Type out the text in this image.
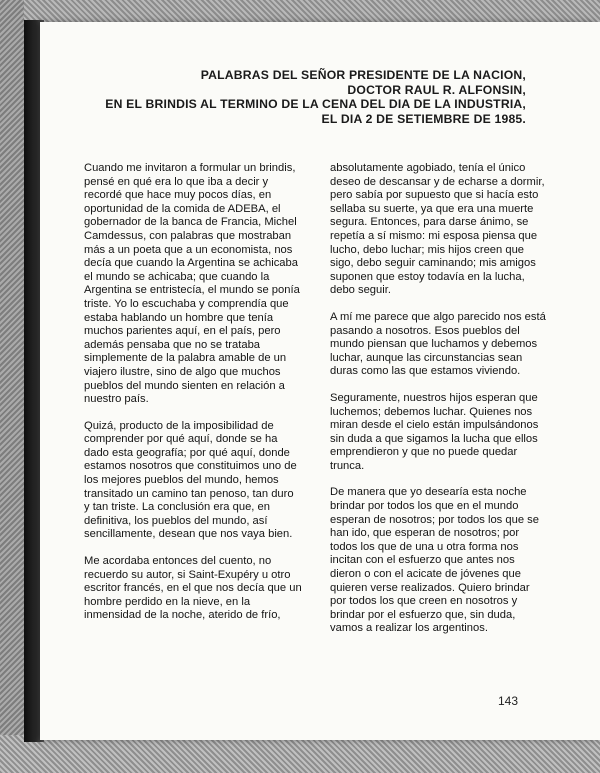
PALABRAS DEL SEÑOR PRESIDENTE DE LA NACION,
DOCTOR RAUL R. ALFONSIN,
EN EL BRINDIS AL TERMINO DE LA CENA DEL DIA DE LA INDUSTRIA,
EL DIA 2 DE SETIEMBRE DE 1985.

Cuando me invitaron a formular un brindis, pensé en qué era lo que iba a decir y recordé que hace muy pocos días, en oportunidad de la comida de ADEBA, el gobernador de la banca de Francia, Michel Camdessus, con palabras que mostraban más a un poeta que a un economista, nos decía que cuando la Argentina se achicaba el mundo se achicaba; que cuando la Argentina se entristecía, el mundo se ponía triste. Yo lo escuchaba y comprendía que estaba hablando un hombre que tenía muchos parientes aquí, en el país, pero además pensaba que no se trataba simplemente de la palabra amable de un viajero ilustre, sino de algo que muchos pueblos del mundo sienten en relación a nuestro país.

Quizá, producto de la imposibilidad de comprender por qué aquí, donde se ha dado esta geografía; por qué aquí, donde estamos nosotros que constituimos uno de los mejores pueblos del mundo, hemos transitado un camino tan penoso, tan duro y tan triste. La conclusión era que, en definitiva, los pueblos del mundo, así sencillamente, desean que nos vaya bien.

Me acordaba entonces del cuento, no recuerdo su autor, si Saint-Exupéry u otro escritor francés, en el que nos decía que un hombre perdido en la nieve, en la inmensidad de la noche, aterido de frío,

absolutamente agobiado, tenía el único deseo de descansar y de echarse a dormir, pero sabía por supuesto que si hacía esto sellaba su suerte, ya que era una muerte segura. Entonces, para darse ánimo, se repetía a sí mismo: mi esposa piensa que lucho, debo luchar; mis hijos creen que sigo, debo seguir caminando; mis amigos suponen que estoy todavía en la lucha, debo seguir.

A mí me parece que algo parecido nos está pasando a nosotros. Esos pueblos del mundo piensan que luchamos y debemos luchar, aunque las circunstancias sean duras como las que estamos viviendo.

Seguramente, nuestros hijos esperan que luchemos; debemos luchar. Quienes nos miran desde el cielo están impulsándonos sin duda a que sigamos la lucha que ellos emprendieron y que no puede quedar trunca.

De manera que yo desearía esta noche brindar por todos los que en el mundo esperan de nosotros; por todos los que se han ido, que esperan de nosotros; por todos los que de una u otra forma nos incitan con el esfuerzo que antes nos dieron o con el acicate de jóvenes que quieren verse realizados. Quiero brindar por todos los que creen en nosotros y brindar por el esfuerzo que, sin duda, vamos a realizar los argentinos.

143
